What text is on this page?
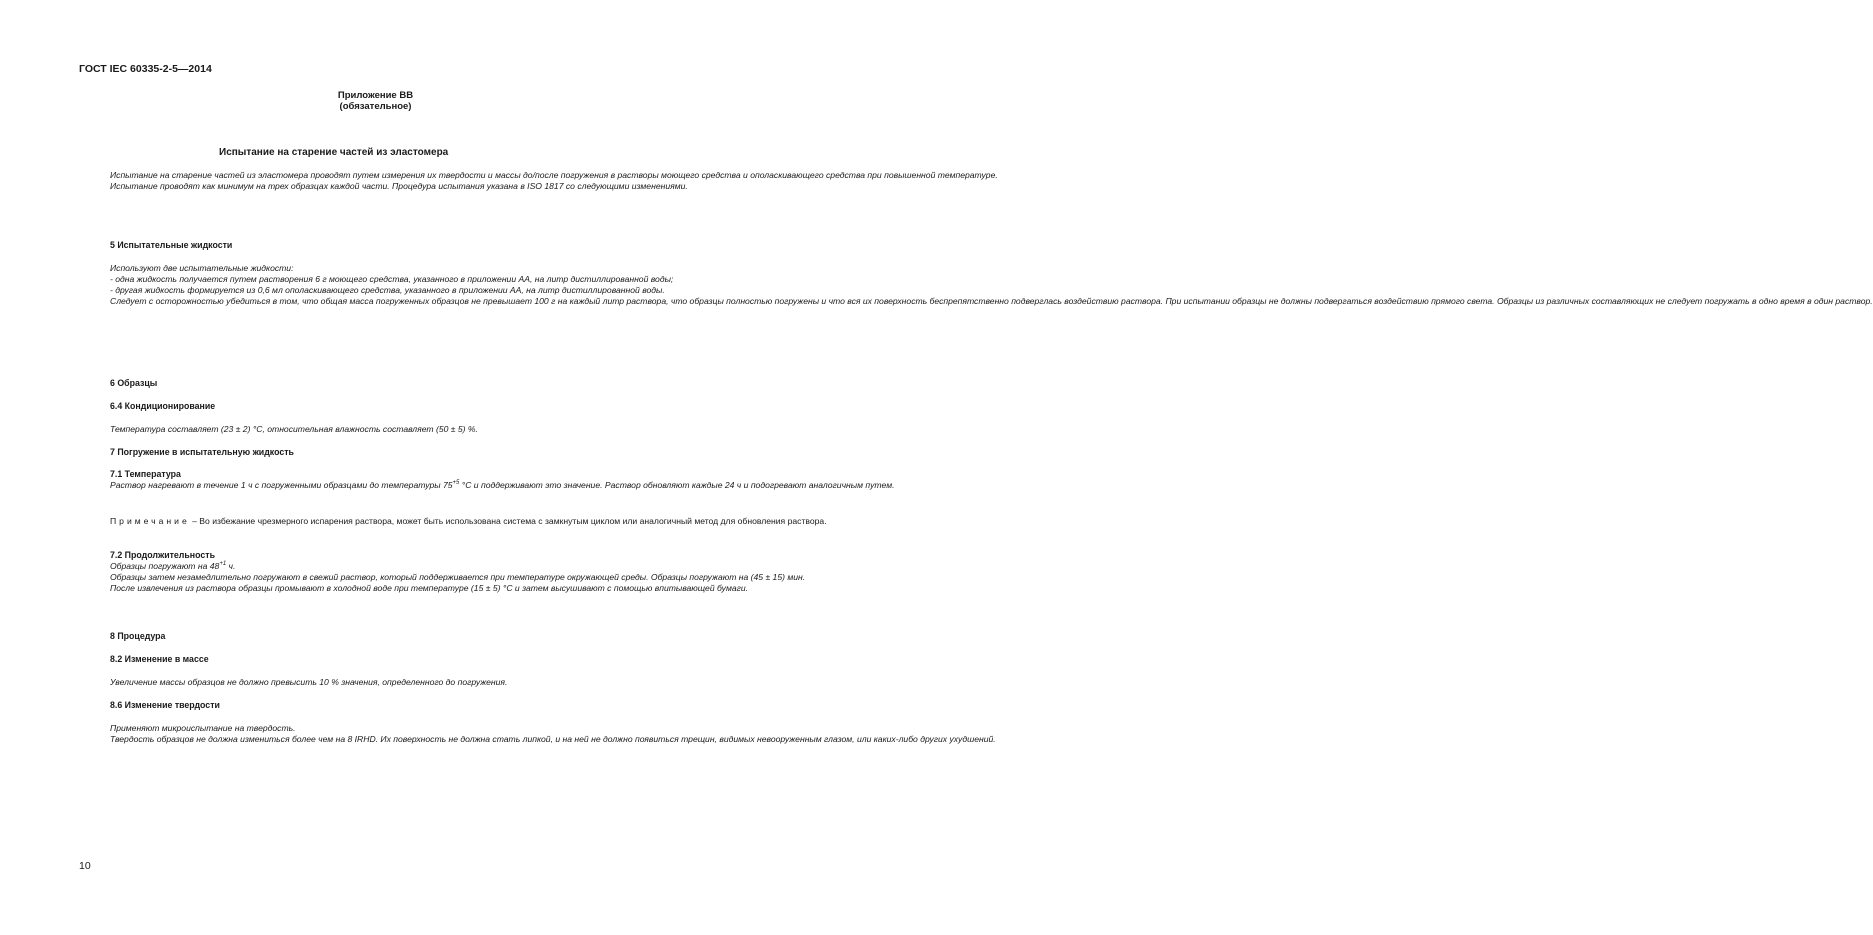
ГОСТ IEC 60335-2-5—2014
Приложение ВВ
(обязательное)
Испытание на старение частей из эластомера

Испытание на старение частей из эластомера проводят путем измерения их твердости и массы до/после погружения в растворы моющего средства и ополаскивающего средства при повышенной температуре.

Испытание проводят как минимум на трех образцах каждой части. Процедура испытания указана в ISO 1817 со следующими изменениями.

5 Испытательные жидкости

Используют две испытательные жидкости:

- одна жидкость получается путем растворения 6 г моющего средства, указанного в приложении АА, на литр дистиллированной воды;

- другая жидкость формируется из 0,6 мл ополаскивающего средства, указанного в приложении АА, на литр дистиллированной воды.

Следует с осторожностью убедиться в том, что общая масса погруженных образцов не превышает 100 г на каждый литр раствора, что образцы полностью погружены и что вся их поверхность беспрепятственно подверглась воздействию раствора. При испытании образцы не должны подвергаться воздействию прямого света. Образцы из различных составляющих не следует погружать в одно время в один раствор.

6 Образцы
6.4 Кондиционирование

Температура составляет (23 ± 2) °С, относительная влажность составляет (50 ± 5) %.

7 Погружение в испытательную жидкость
7.1 Температура

Раствор нагревают в течение 1 ч с погруженными образцами до температуры $75^{+5}$ °С и поддерживают это значение. Раствор обновляют каждые 24 ч и подогревают аналогичным путем.

Примечание – Во избежание чрезмерного испарения раствора, может быть использована система с замкнутым циклом или аналогичный метод для обновления раствора.

7.2 Продолжительность

Образцы погружают на $48^{+1}$ ч.

Образцы затем незамедлительно погружают в свежий раствор, который поддерживается при температуре окружающей среды. Образцы погружают на (45 ± 15) мин.

После извлечения из раствора образцы промывают в холодной воде при температуре (15 ± 5) °С и затем высушивают с помощью впитывающей бумаги.

8 Процедура
8.2 Изменение в массе

Увеличение массы образцов не должно превысить 10 % значения, определенного до погружения.

8.6 Изменение твердости

Применяют микроиспытание на твердость.

Твердость образцов не должна измениться более чем на 8 IRHD. Их поверхность не должна стать липкой, и на ней не должно появиться трещин, видимых невооруженным глазом, или каких-либо других ухудшений.

10
